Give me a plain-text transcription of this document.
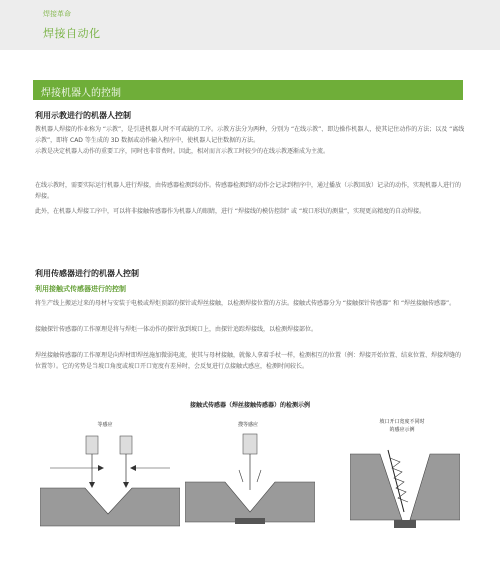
焊接革命
焊接自动化
焊接机器人的控制
利用示教进行的机器人控制
教机器人焊接的作业称为 “示教”，是引进机器人时不可或缺的工序。示教方法分为两种，分别为 “在线示教”、即边操作机器人，使其记住动作的方法；以及 “离线示教”，即将 CAD 等生成的 3D 数据或动作输入程序中，使机器人记住数据的方法。
示教是决定机器人动作的重要工序，同时也非常费时。因此，相对而言示教工时较少的在线示教逐渐成为主流。
在线示教时，需要实际运行机器人进行焊接，由传感器检测到动作。传感器检测到的动作会记录到程序中，通过播放（示教回放）记录的动作，实现机器人进行的焊接。
此外，在机器人焊接工序中，可以将非接触传感器作为机器人的眼睛，进行 “焊接线的模仿控制” 或 “坡口形状的测量”，实现更高精度的自动焊接。
利用传感器进行的机器人控制
利用接触式传感器进行的控制
将生产线上搬运过来的母材与安装于电极或焊炬顶部的探针或焊丝接触，以检测焊接位置的方法。接触式传感器分为 “接触探针传感器” 和 “焊丝接触传感器”。
接触探针传感器的工作原理是将与焊炬一体动作的探针放到坡口上，由探针追踪焊接线，以检测焊接部位。
焊丝接触传感器的工作原理是向焊材即焊丝施加微弱电流，使其与母材接触，就像人拿着手杖一样，检测相互的位置（例：焊接开始位置、结束位置、焊接焊缝的位置等）。它的劣势是当坡口角度或坡口开口宽度有差异时，会反复进行点接触式感应，检测时间较长。
接触式传感器（焊丝接触传感器）的检测示例
等感应	搜等感应	坡口开口宽度不同时
的感应示例
